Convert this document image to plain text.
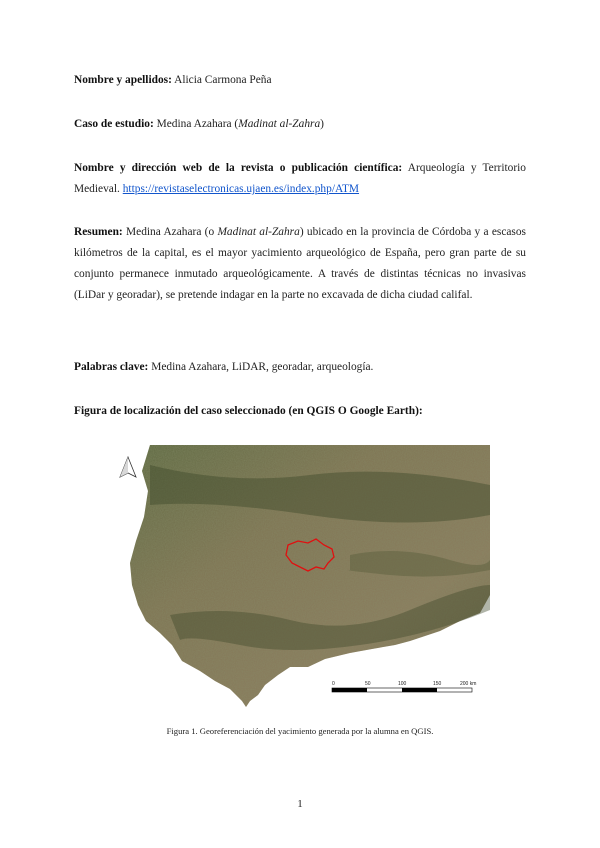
Nombre y apellidos: Alicia Carmona Peña
Caso de estudio: Medina Azahara (Madinat al-Zahra)
Nombre y dirección web de la revista o publicación científica: Arqueología y Territorio Medieval. https://revistaselectronicas.ujaen.es/index.php/ATM
Resumen: Medina Azahara (o Madinat al-Zahra) ubicado en la provincia de Córdoba y a escasos kilómetros de la capital, es el mayor yacimiento arqueológico de España, pero gran parte de su conjunto permanece inmutado arqueológicamente. A través de distintas técnicas no invasivas (LiDar y georadar), se pretende indagar en la parte no excavada de dicha ciudad califal.
Palabras clave: Medina Azahara, LiDAR, georadar, arqueología.
Figura de localización del caso seleccionado (en QGIS O Google Earth):
0	50	100	150	200 km
Figura 1. Georeferenciación del yacimiento generada por la alumna en QGIS.
1
